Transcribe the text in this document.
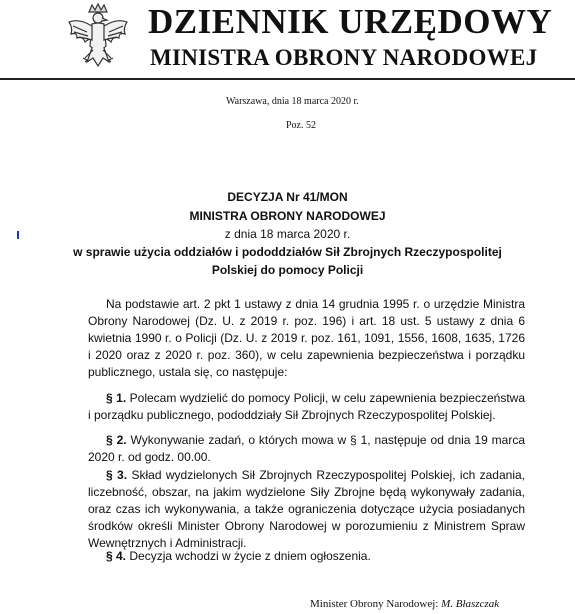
DZIENNIK URZĘDOWY
MINISTRA OBRONY NARODOWEJ
Warszawa, dnia 18 marca 2020 r.
Poz. 52
DECYZJA Nr 41/MON
MINISTRA OBRONY NARODOWEJ
z dnia 18 marca 2020 r.
w sprawie użycia oddziałów i pododdziałów Sił Zbrojnych Rzeczypospolitej
Polskiej do pomocy Policji
Na podstawie art. 2 pkt 1 ustawy z dnia 14 grudnia 1995 r. o urzędzie Ministra Obrony Narodowej (Dz. U. z 2019 r. poz. 196) i art. 18 ust. 5 ustawy z dnia 6 kwietnia 1990 r. o Policji (Dz. U. z 2019 r. poz. 161, 1091, 1556, 1608, 1635, 1726 i 2020 oraz z 2020 r. poz. 360), w celu zapewnienia bezpieczeństwa i porządku publicznego, ustala się, co następuje:
§ 1. Polecam wydzielić do pomocy Policji, w celu zapewnienia bezpieczeństwa i porządku publicznego, pododdziały Sił Zbrojnych Rzeczypospolitej Polskiej.
§ 2. Wykonywanie zadań, o których mowa w § 1, następuje od dnia 19 marca 2020 r. od godz. 00.00.
§ 3. Skład wydzielonych Sił Zbrojnych Rzeczypospolitej Polskiej, ich zadania, liczebność, obszar, na jakim wydzielone Siły Zbrojne będą wykonywały zadania, oraz czas ich wykonywania, a także ograniczenia dotyczące użycia posiadanych środków określi Minister Obrony Narodowej w porozumieniu z Ministrem Spraw Wewnętrznych i Administracji.
§ 4. Decyzja wchodzi w życie z dniem ogłoszenia.
Minister Obrony Narodowej: M. Błaszczak
